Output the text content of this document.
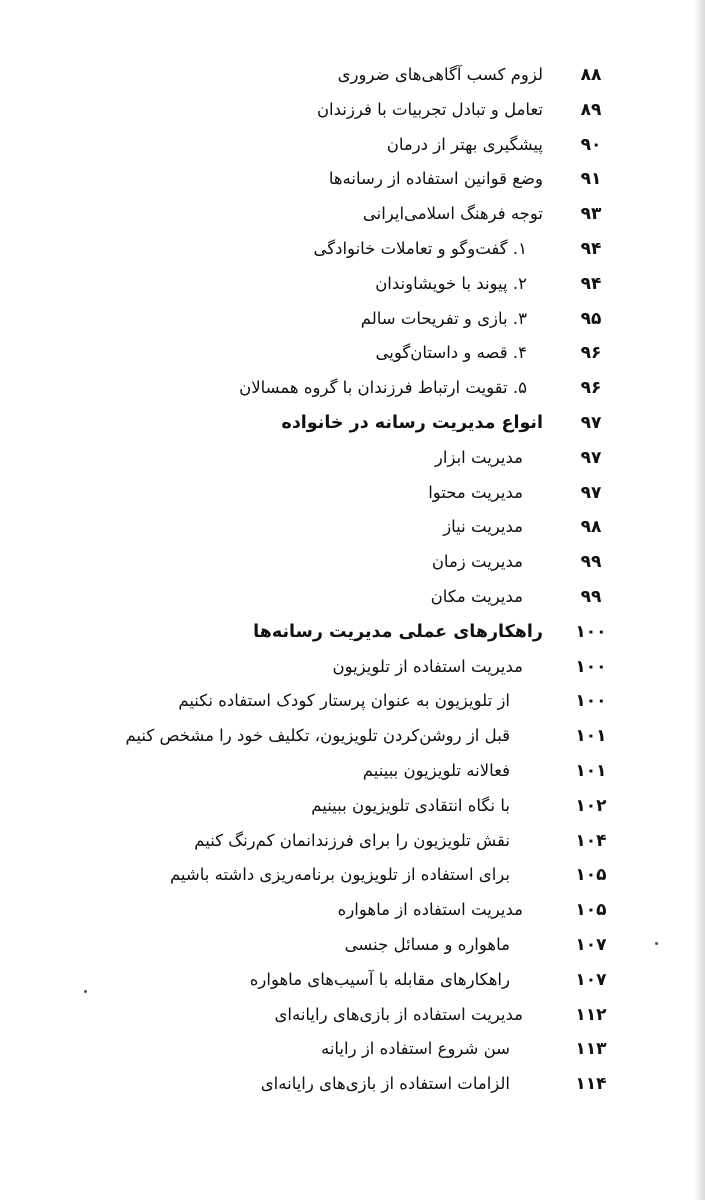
۸۸
لزوم کسب آگاهی‌های ضروری
۸۹
تعامل و تبادل تجربیات با فرزندان
۹۰
پیشگیری بهتر از درمان
۹۱
وضع قوانین استفاده از رسانه‌ها
۹۳
توجه فرهنگ اسلامی‌ایرانی
۹۴
۱. گفت‌وگو و تعاملات خانوادگی
۹۴
۲. پیوند با خویشاوندان
۹۵
۳. بازی و تفریحات سالم
۹۶
۴. قصه و داستان‌گویی
۹۶
۵. تقویت ارتباط فرزندان با گروه همسالان
۹۷
انواع مدیریت رسانه در خانواده
۹۷
مدیریت ابزار
۹۷
مدیریت محتوا
۹۸
مدیریت نیاز
۹۹
مدیریت زمان
۹۹
مدیریت مکان
۱۰۰
راهکارهای عملی مدیریت رسانه‌ها
۱۰۰
مدیریت استفاده از تلویزیون
۱۰۰
از تلویزیون به عنوان پرستار کودک استفاده نکنیم
۱۰۱
قبل از روشن‌کردن تلویزیون، تکلیف خود را مشخص کنیم
۱۰۱
فعالانه تلویزیون ببینیم
۱۰۲
با نگاه انتقادی تلویزیون ببینیم
۱۰۴
نقش تلویزیون را برای فرزندانمان کم‌رنگ کنیم
۱۰۵
برای استفاده از تلویزیون برنامه‌ریزی داشته باشیم
۱۰۵
مدیریت استفاده از ماهواره
۱۰۷
ماهواره و مسائل جنسی
۱۰۷
راهکارهای مقابله با آسیب‌های ماهواره
۱۱۲
مدیریت استفاده از بازی‌های رایانه‌ای
۱۱۳
سن شروع استفاده از رایانه
۱۱۴
الزامات استفاده از بازی‌های رایانه‌ای
